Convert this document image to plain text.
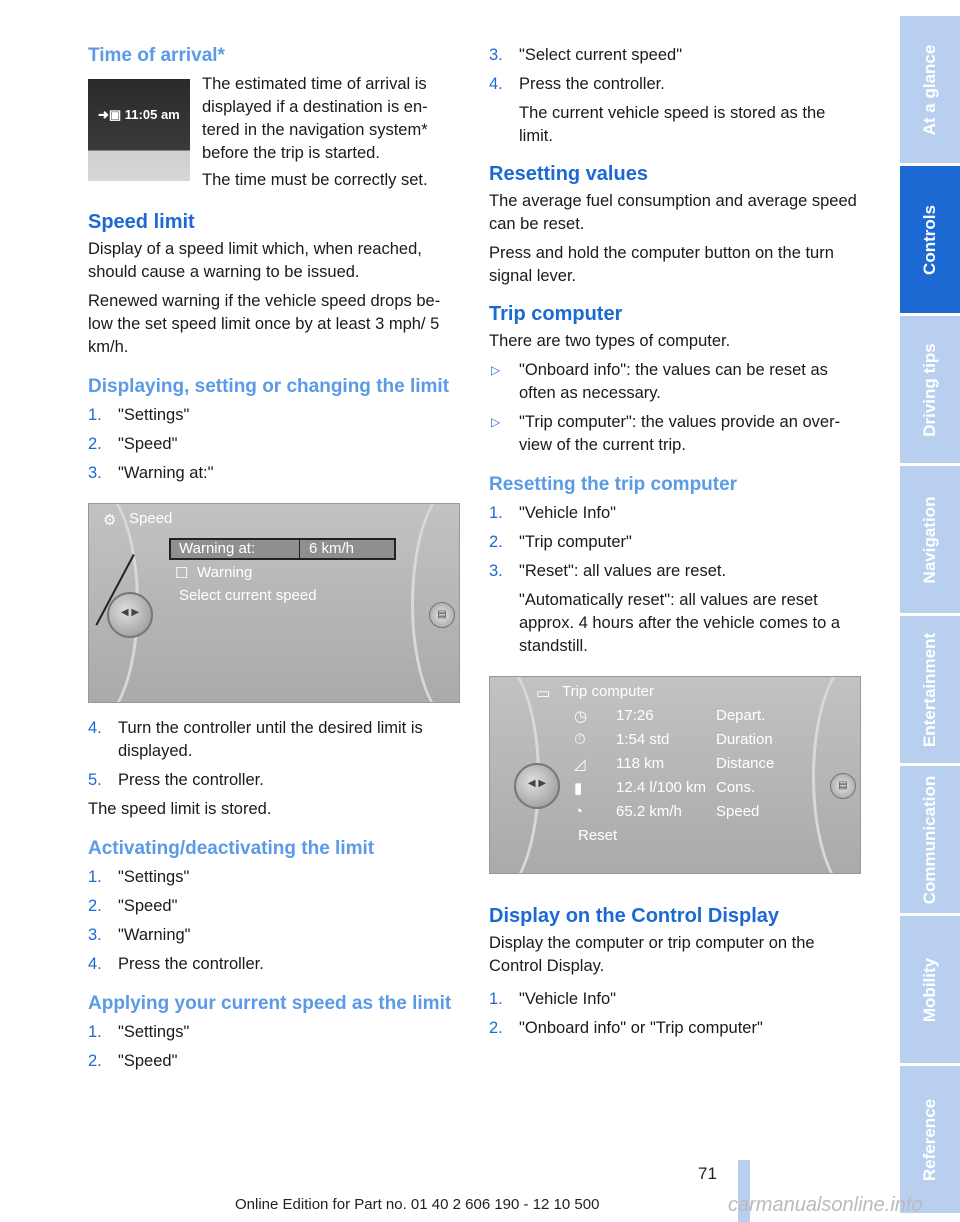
Time of arrival*
➜▣ 11:05 am

The estimated time of arrival is displayed if a destination is en-tered in the navigation system* before the trip is started.

The time must be correctly set.

Speed limit

Display of a speed limit which, when reached, should cause a warning to be issued.

Renewed warning if the vehicle speed drops be-low the set speed limit once by at least 3 mph/ 5 km/h.

Displaying, setting or changing the limit
1. "Settings"
2. "Speed"
3. "Warning at:"
⚙ Speed
Warning at:	6 km/h
☐ Warning
Select current speed
◀ ▶	▤
4. Turn the controller until the desired limit is displayed.
5. Press the controller.

The speed limit is stored.

Activating/deactivating the limit
1. "Settings"
2. "Speed"
3. "Warning"
4. Press the controller.
Applying your current speed as the limit
1. "Settings"
2. "Speed"
3. "Select current speed"
4. Press the controller.
The current vehicle speed is stored as the limit.
Resetting values

The average fuel consumption and average speed can be reset.

Press and hold the computer button on the turn signal lever.

Trip computer

There are two types of computer.

▷ "Onboard info": the values can be reset as often as necessary.
▷ "Trip computer": the values provide an over-view of the current trip.
Resetting the trip computer
1. "Vehicle Info"
2. "Trip computer"
3. "Reset": all values are reset.
"Automatically reset": all values are reset approx. 4 hours after the vehicle comes to a standstill.
▭ Trip computer
◷ 17:26	Depart.
⏱ 1:54 std	Duration
◿ 118 km	Distance
▮ 12.4 l/100 km Cons.
◔ 65.2 km/h Speed
Reset
◀ ▶	▤
Display on the Control Display

Display the computer or trip computer on the Control Display.

1. "Vehicle Info"
2. "Onboard info" or "Trip computer"
At a glance
Controls
Driving tips
Navigation
Entertainment
Communication
Mobility
Reference
71
Online Edition for Part no. 01 40 2 606 190 - 12 10 500	carmanualsonline.info
